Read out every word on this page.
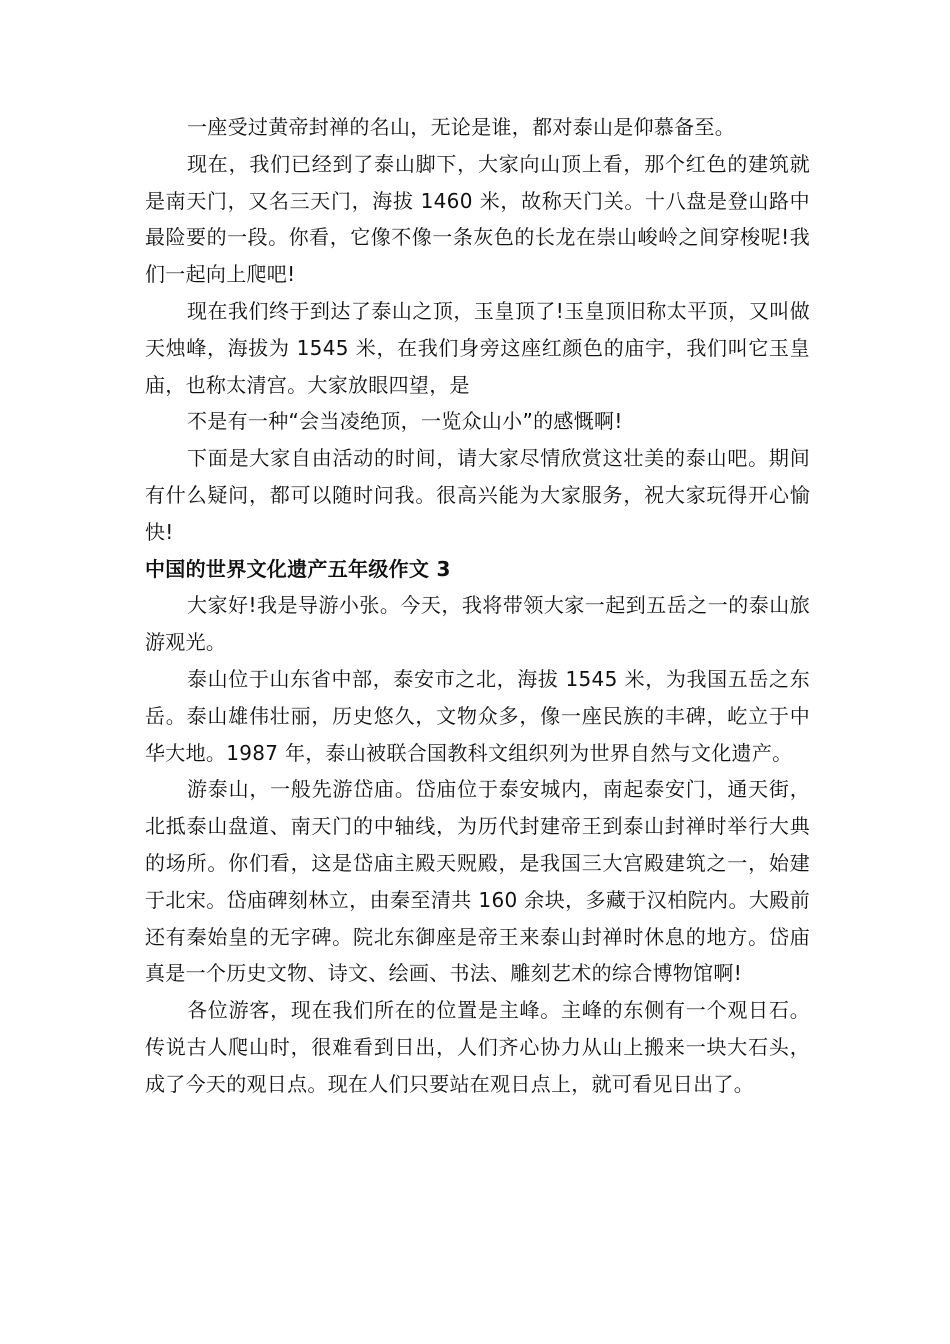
一座受过黄帝封禅的名山，无论是谁，都对泰山是仰慕备至。

现在，我们已经到了泰山脚下，大家向山顶上看，那个红色的建筑就是南天门，又名三天门，海拔 1460 米，故称天门关。十八盘是登山路中最险要的一段。你看，它像不像一条灰色的长龙在崇山峻岭之间穿梭呢!我们一起向上爬吧!

现在我们终于到达了泰山之顶，玉皇顶了!玉皇顶旧称太平顶，又叫做天烛峰，海拔为 1545 米，在我们身旁这座红颜色的庙宇，我们叫它玉皇庙，也称太清宫。大家放眼四望，是

不是有一种“会当凌绝顶，一览众山小”的感慨啊!

下面是大家自由活动的时间，请大家尽情欣赏这壮美的泰山吧。期间有什么疑问，都可以随时问我。很高兴能为大家服务，祝大家玩得开心愉快!

中国的世界文化遗产五年级作文 3

大家好!我是导游小张。今天，我将带领大家一起到五岳之一的泰山旅游观光。

泰山位于山东省中部，泰安市之北，海拔 1545 米，为我国五岳之东岳。泰山雄伟壮丽，历史悠久，文物众多，像一座民族的丰碑，屹立于中华大地。1987 年，泰山被联合国教科文组织列为世界自然与文化遗产。

游泰山，一般先游岱庙。岱庙位于泰安城内，南起泰安门，通天街，北抵泰山盘道、南天门的中轴线，为历代封建帝王到泰山封禅时举行大典的场所。你们看，这是岱庙主殿天贶殿，是我国三大宫殿建筑之一，始建于北宋。岱庙碑刻林立，由秦至清共 160 余块，多藏于汉柏院内。大殿前还有秦始皇的无字碑。院北东御座是帝王来泰山封禅时休息的地方。岱庙真是一个历史文物、诗文、绘画、书法、雕刻艺术的综合博物馆啊!

各位游客，现在我们所在的位置是主峰。主峰的东侧有一个观日石。传说古人爬山时，很难看到日出，人们齐心协力从山上搬来一块大石头，成了今天的观日点。现在人们只要站在观日点上，就可看见日出了。
